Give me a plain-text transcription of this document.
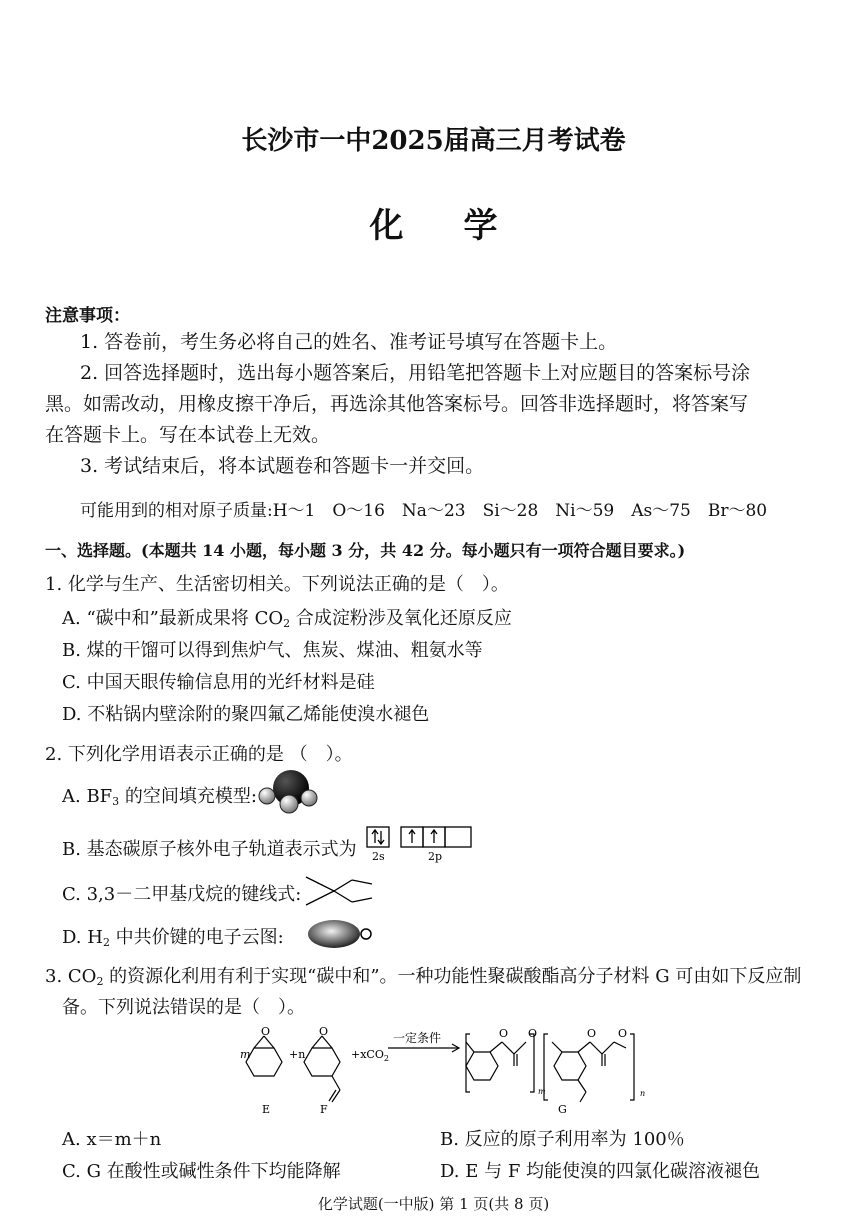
长沙市一中2025届高三月考试卷
化学
注意事项：
1. 答卷前，考生务必将自己的姓名、准考证号填写在答题卡上。
2. 回答选择题时，选出每小题答案后，用铅笔把答题卡上对应题目的答案标号涂
黑。如需改动，用橡皮擦干净后，再选涂其他答案标号。回答非选择题时，将答案写
在答题卡上。写在本试卷上无效。
3. 考试结束后，将本试题卷和答题卡一并交回。
可能用到的相对原子质量:H～1　O～16　Na～23　Si～28　Ni～59　As～75　Br～80
一、选择题。(本题共 14 小题，每小题 3 分，共 42 分。每小题只有一项符合题目要求。)
1. 化学与生产、生活密切相关。下列说法正确的是（　）。
A. “碳中和”最新成果将 $CO_2$ 合成淀粉涉及氧化还原反应
B. 煤的干馏可以得到焦炉气、焦炭、煤油、粗氨水等
C. 中国天眼传输信息用的光纤材料是硅
D. 不粘锅内壁涂附的聚四氟乙烯能使溴水褪色
2. 下列化学用语表示正确的是 （　）。
A. $BF_3$ 的空间填充模型:
B. 基态碳原子核外电子轨道表示式为 2s	2p
C. 3,3－二甲基戊烷的键线式:
D. $H_2$ 中共价键的电子云图:
3. $CO_2$ 的资源化利用有利于实现“碳中和”。一种功能性聚碳酸酯高分子材料 G 可由如下反应制
备。下列说法错误的是（　）。
m	+n	+xCO$_2$
一定条件
O	O	O O	O O
m	n
E	F	G
A. x＝m＋n	B. 反应的原子利用率为 100％
C. G 在酸性或碱性条件下均能降解	D. E 与 F 均能使溴的四氯化碳溶液褪色
化学试题(一中版) 第 1 页(共 8 页)
